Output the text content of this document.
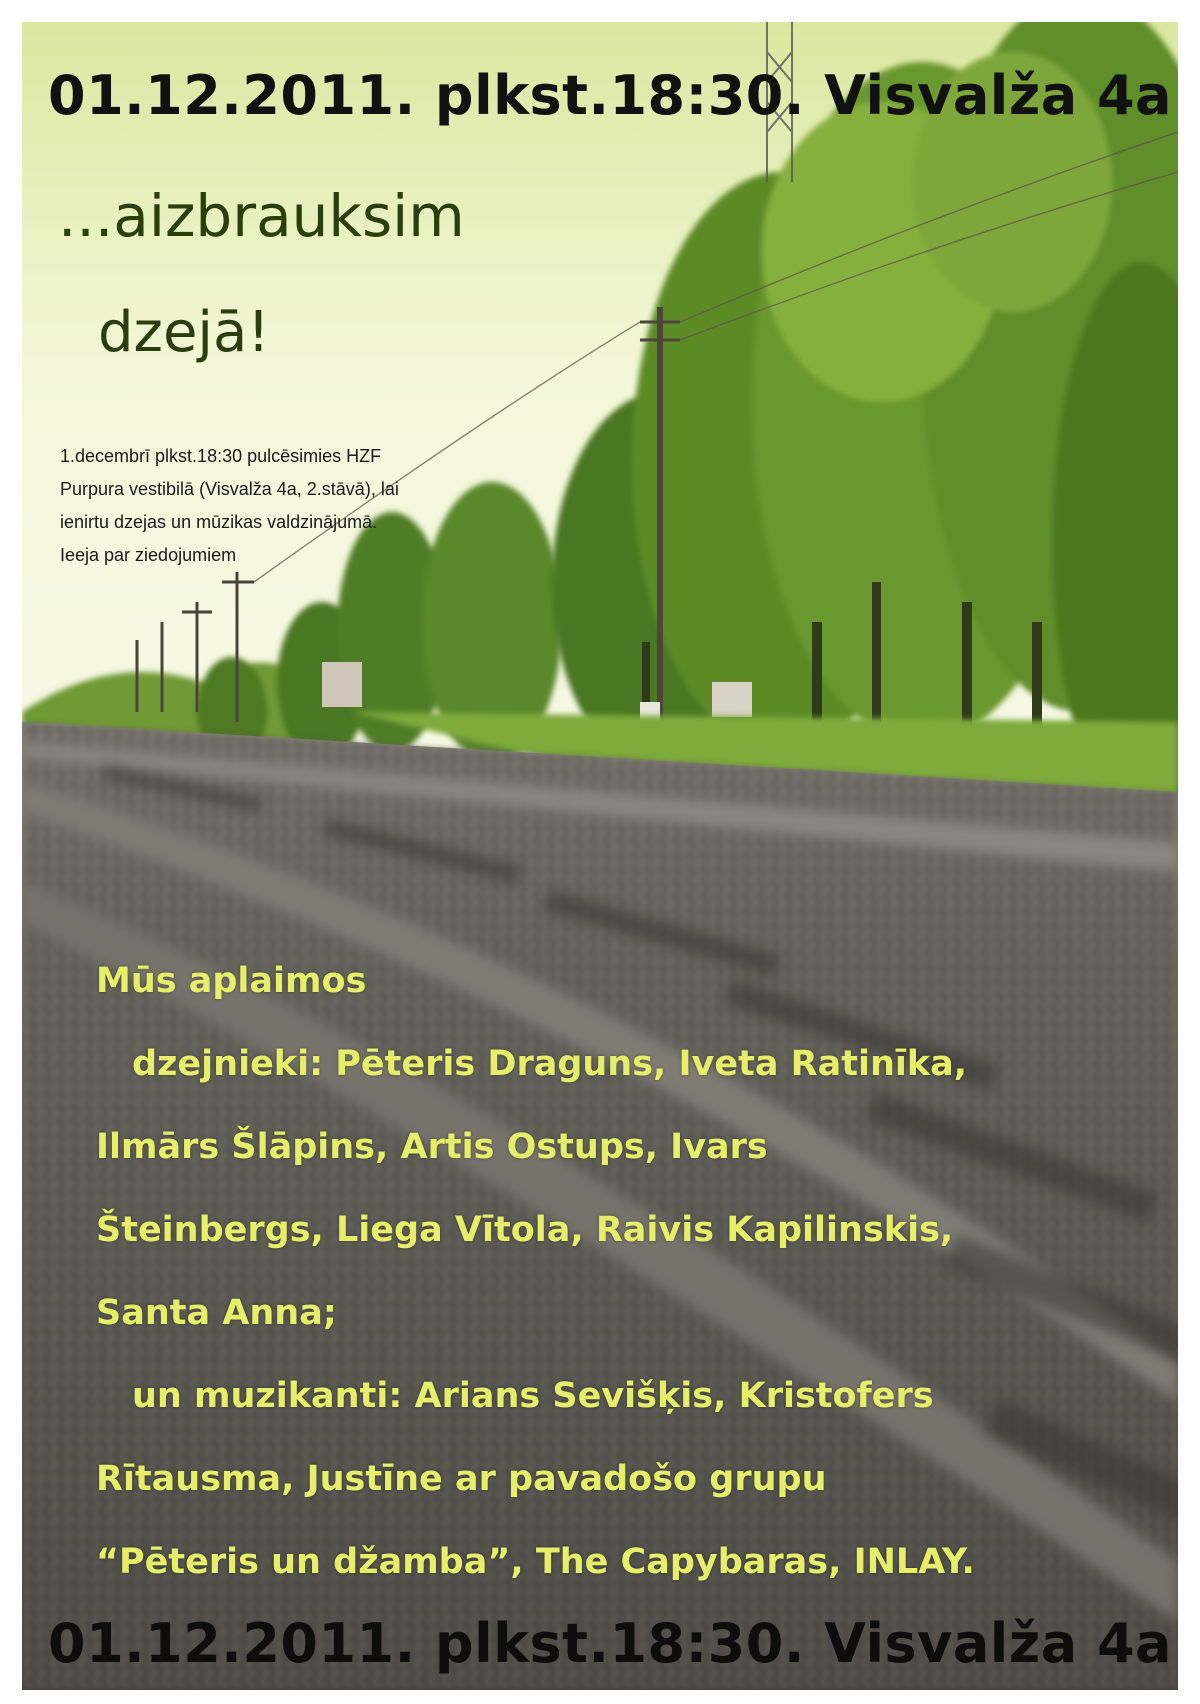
01.12.2011. plkst.18:30. Visvalža 4a
...aizbrauksim
dzejā!

1.decembrī plkst.18:30 pulcēsimies HZF

Purpura vestibilā (Visvalža 4a, 2.stāvā), lai

ienirtu dzejas un mūzikas valdzinājumā.

Ieeja par ziedojumiem

Mūs aplaimos

dzejnieki: Pēteris Draguns, Iveta Ratinīka,

Ilmārs Šlāpins, Artis Ostups, Ivars

Šteinbergs, Liega Vītola, Raivis Kapilinskis,

Santa Anna;

un muzikanti: Arians Sevišķis, Kristofers

Rītausma, Justīne ar pavadošo grupu

“Pēteris un džamba”, The Capybaras, INLAY.

01.12.2011. plkst.18:30. Visvalža 4a
